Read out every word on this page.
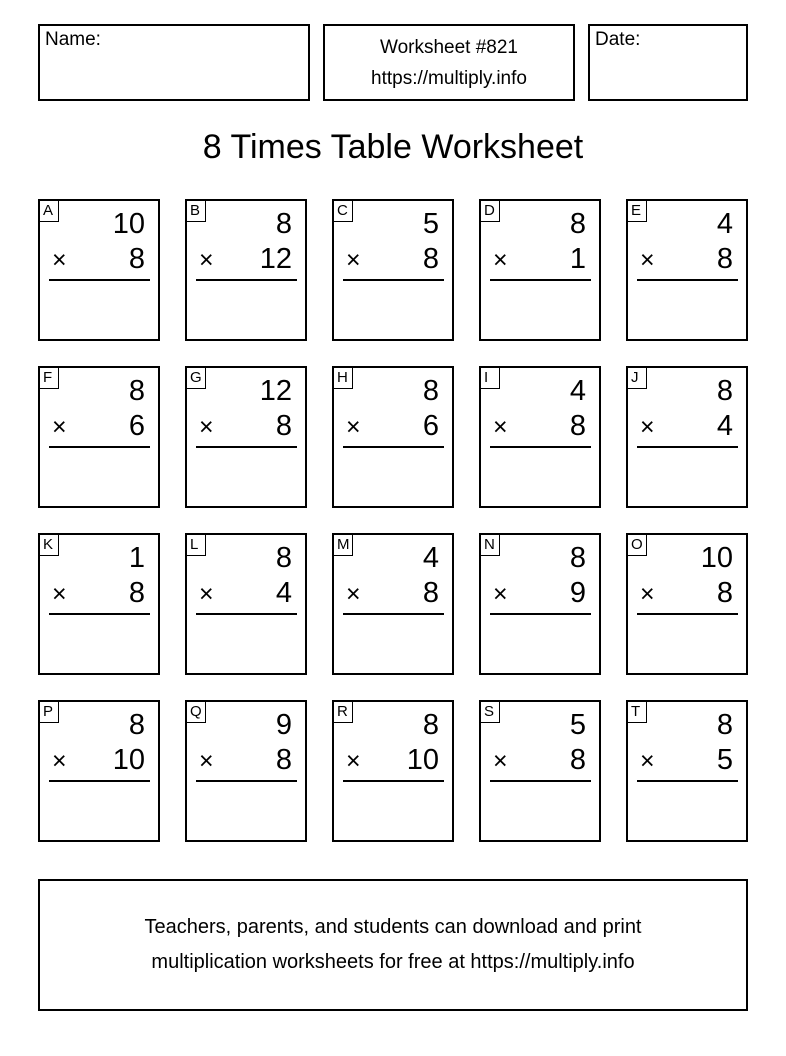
Name:	Worksheet #821
https://multiply.info
Date:
8 Times Table Worksheet
A 10
× 8
B	8
× 12
C	5
× 8
D	8
× 1
E	4
× 8
F	8
× 6
G 12
× 8
H	8
× 6
I	4
× 8
J	8
× 4
K	1
× 8
L	8
× 4
M	4
× 8
N	8
× 9
O 10
× 8
P	8
× 10
Q	9
× 8
R	8
× 10
S	5
× 8
T	8
× 5
Teachers, parents, and students can download and print
multiplication worksheets for free at https://multiply.info
